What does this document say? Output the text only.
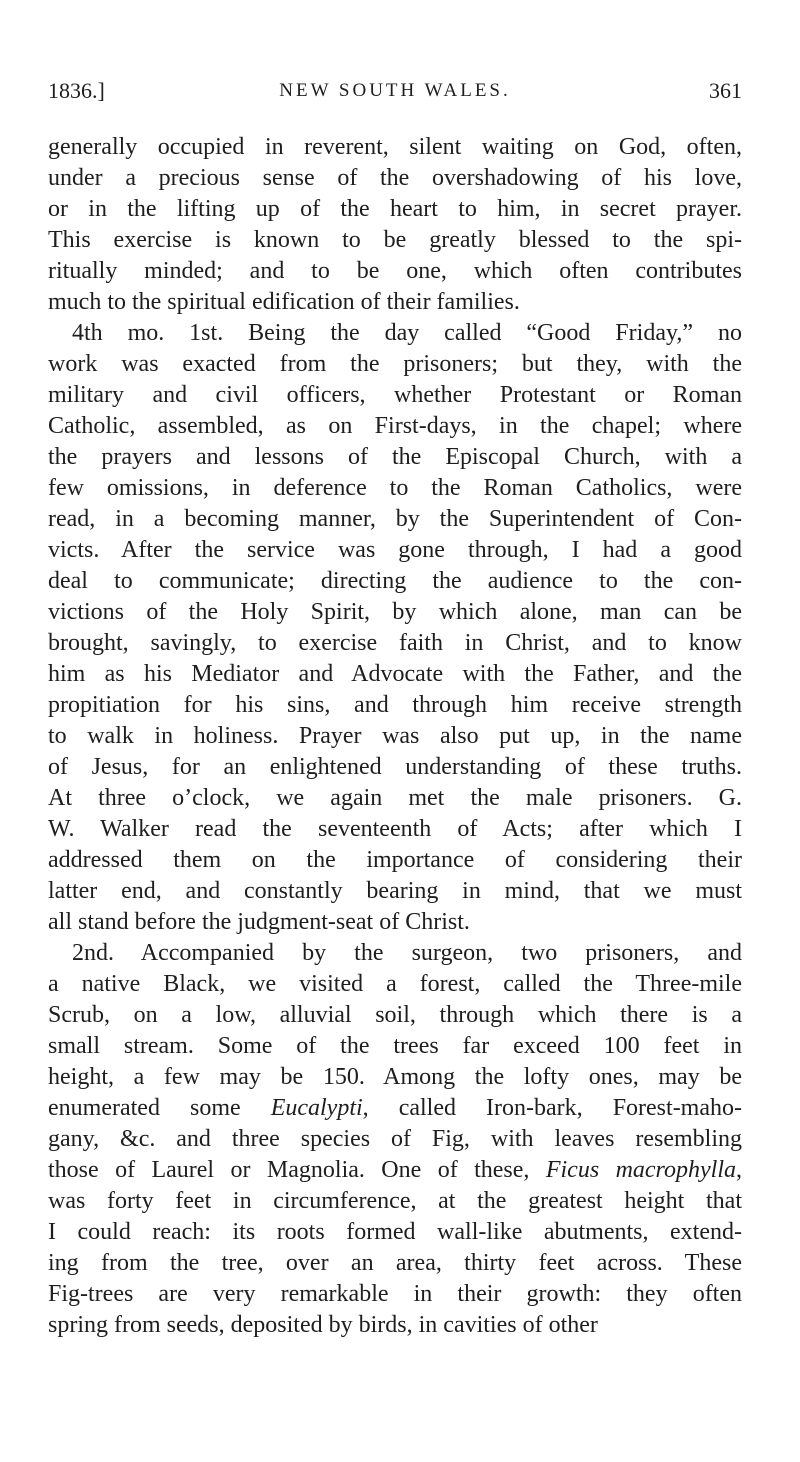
1836.]	NEW SOUTH WALES.	361
generally occupied in reverent, silent waiting on God, often,
under a precious sense of the overshadowing of his love,
or in the lifting up of the heart to him, in secret prayer.
This exercise is known to be greatly blessed to the spi-
ritually minded; and to be one, which often contributes
much to the spiritual edification of their families.
4th mo. 1st. Being the day called “Good Friday,” no
work was exacted from the prisoners; but they, with the
military and civil officers, whether Protestant or Roman
Catholic, assembled, as on First-days, in the chapel; where
the prayers and lessons of the Episcopal Church, with a
few omissions, in deference to the Roman Catholics, were
read, in a becoming manner, by the Superintendent of Con-
victs. After the service was gone through, I had a good
deal to communicate; directing the audience to the con-
victions of the Holy Spirit, by which alone, man can be
brought, savingly, to exercise faith in Christ, and to know
him as his Mediator and Advocate with the Father, and the
propitiation for his sins, and through him receive strength
to walk in holiness. Prayer was also put up, in the name
of Jesus, for an enlightened understanding of these truths.
At three o’clock, we again met the male prisoners. G.
W. Walker read the seventeenth of Acts; after which I
addressed them on the importance of considering their
latter end, and constantly bearing in mind, that we must
all stand before the judgment-seat of Christ.
2nd. Accompanied by the surgeon, two prisoners, and
a native Black, we visited a forest, called the Three-mile
Scrub, on a low, alluvial soil, through which there is a
small stream. Some of the trees far exceed 100 feet in
height, a few may be 150. Among the lofty ones, may be
enumerated some Eucalypti, called Iron-bark, Forest-maho-
gany, &c. and three species of Fig, with leaves resembling
those of Laurel or Magnolia. One of these, Ficus macrophylla,
was forty feet in circumference, at the greatest height that
I could reach: its roots formed wall-like abutments, extend-
ing from the tree, over an area, thirty feet across. These
Fig-trees are very remarkable in their growth: they often
spring from seeds, deposited by birds, in cavities of other
